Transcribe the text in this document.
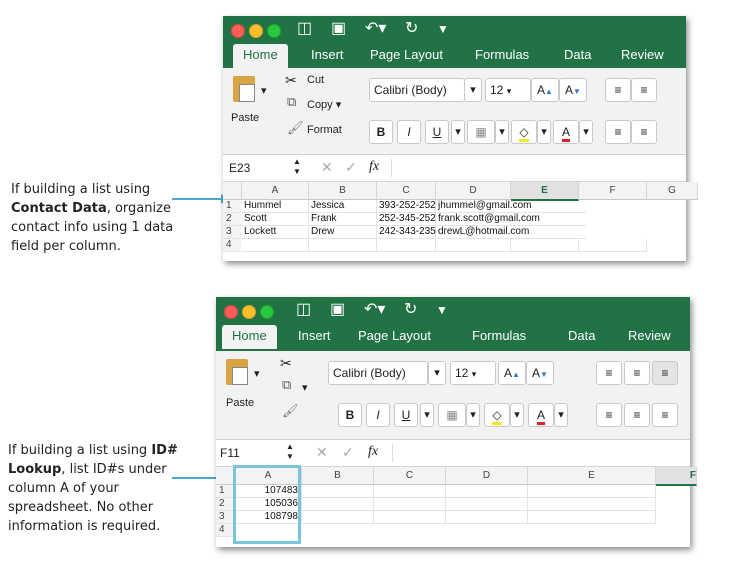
If building a list using
Contact Data, organize
contact info using 1 data
field per column.
◫ ▣ ↶▾ ↻ ▼
Home	Insert Page Layout Formulas	Data Review
▾
Paste
✂ Cut
⧉ Copy ▾
🖌 Format
Calibri (Body)	▾	12 ▾	A▲	A▼	≡	≡
B	I	U	▾	▦	▾	◇	▾	A	▾	≡	≡
E23	▲
▼ ✕ ✓ fx
A	B	C	D	E	F	G
1	Hummel	Jessica	393-252-252 jhummel@gmail.com
2	Scott	Frank	252-345-252 frank.scott@gmail.com
3	Lockett	Drew	242-343-235 drewL@hotmail.com
4
If building a list using ID#
Lookup, list ID#s under
column A of your
spreadsheet. No other
information is required.
◫ ▣ ↶▾ ↻ ▼
Home	Insert Page Layout	Formulas	Data	Review
▾
Paste
✂
⧉ ▾
🖌
Calibri (Body)	▾	12 ▾	A▲	A▼	≡	≡	≡
B	I	U	▾	▦	▾	◇	▾	A	▾	≡	≡	≡
F11	▲
▼ ✕ ✓ fx
A	B	C	D	E	F
1	107483
2	105036
3	108798
4
